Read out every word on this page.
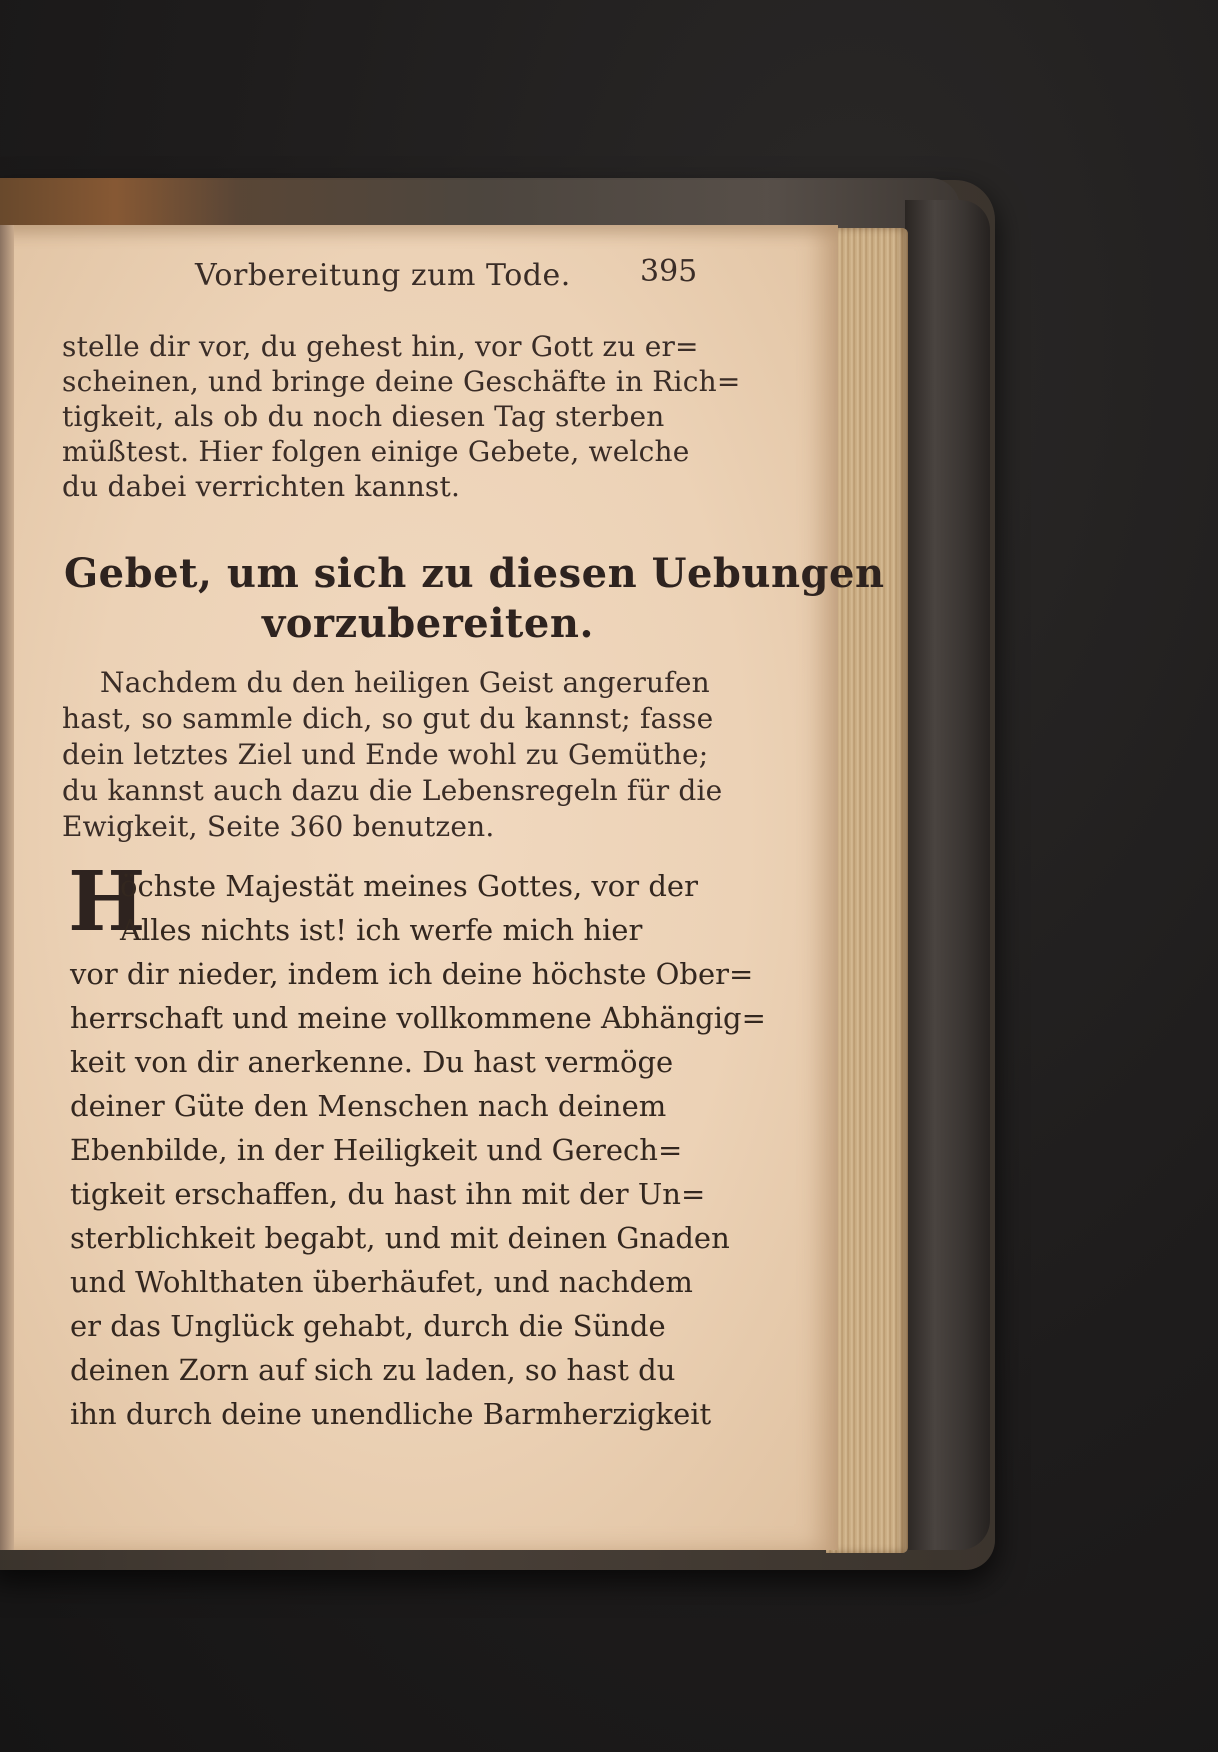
Vorbereitung zum Tode. 395
stelle dir vor, du gehest hin, vor Gott zu er=
scheinen, und bringe deine Geschäfte in Rich=
tigkeit, als ob du noch diesen Tag sterben
müßtest. Hier folgen einige Gebete, welche
du dabei verrichten kannst.
Gebet, um sich zu diesen Uebungen
vorzubereiten.
Nachdem du den heiligen Geist angerufen
hast, so sammle dich, so gut du kannst; fasse
dein letztes Ziel und Ende wohl zu Gemüthe;
du kannst auch dazu die Lebensregeln für die
Ewigkeit, Seite 360 benutzen.
H
öchste Majestät meines Gottes, vor der
Alles nichts ist! ich werfe mich hier
vor dir nieder, indem ich deine höchste Ober=
herrschaft und meine vollkommene Abhängig=
keit von dir anerkenne. Du hast vermöge
deiner Güte den Menschen nach deinem
Ebenbilde, in der Heiligkeit und Gerech=
tigkeit erschaffen, du hast ihn mit der Un=
sterblichkeit begabt, und mit deinen Gnaden
und Wohlthaten überhäufet, und nachdem
er das Unglück gehabt, durch die Sünde
deinen Zorn auf sich zu laden, so hast du
ihn durch deine unendliche Barmherzigkeit
